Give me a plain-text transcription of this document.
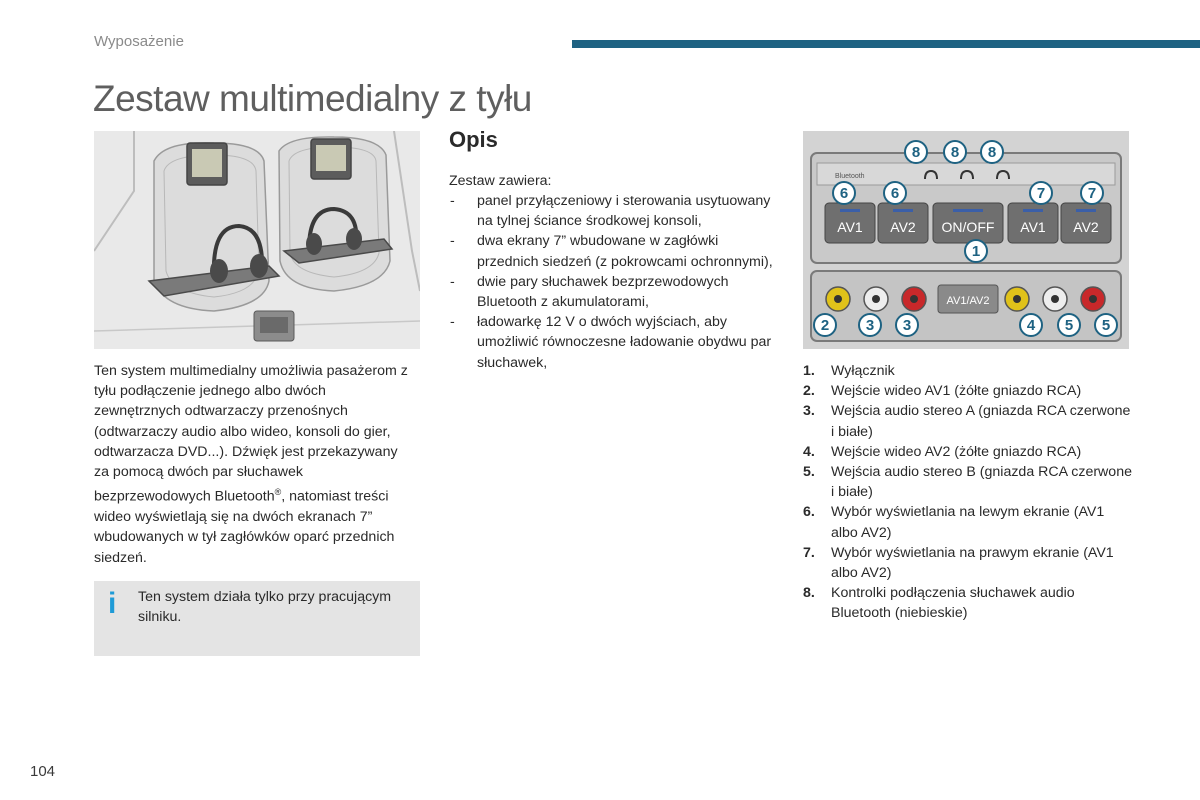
Wyposażenie
Zestaw multimedialny z tyłu

Ten system multimedialny umożliwia pasażerom z tyłu podłączenie jednego albo dwóch zewnętrznych odtwarzaczy przenośnych (odtwarzaczy audio albo wideo, konsoli do gier, odtwarzacza DVD...). Dźwięk jest przekazywany za pomocą dwóch par słuchawek bezprzewodowych Bluetooth®, natomiast treści wideo wyświetlają się na dwóch ekranach 7” wbudowanych w tył zagłówków oparć przednich siedzeń.

i Ten system działa tylko przy pracującym silniku.
Opis
Zestaw zawiera:
- panel przyłączeniowy i sterowania usytuowany na tylnej ściance środkowej konsoli,
- dwa ekrany 7” wbudowane w zagłówki przednich siedzeń (z pokrowcami ochronnymi),
- dwie pary słuchawek bezprzewodowych Bluetooth z akumulatorami,
- ładowarkę 12 V o dwóch wyjściach, aby umożliwić równoczesne ładowanie obydwu par słuchawek,
Bluetooth
AV1 AV2 ON/OFF AV1 AV2
AV1/AV2
8 8 8
6	6	7	7
1
2 3 3	4 5 5
1. Wyłącznik
2. Wejście wideo AV1 (żółte gniazdo RCA)
3. Wejścia audio stereo A (gniazda RCA czerwone i białe)
4. Wejście wideo AV2 (żółte gniazdo RCA)
5. Wejścia audio stereo B (gniazda RCA czerwone i białe)
6. Wybór wyświetlania na lewym ekranie (AV1 albo AV2)
7. Wybór wyświetlania na prawym ekranie (AV1 albo AV2)
8. Kontrolki podłączenia słuchawek audio Bluetooth (niebieskie)
104
